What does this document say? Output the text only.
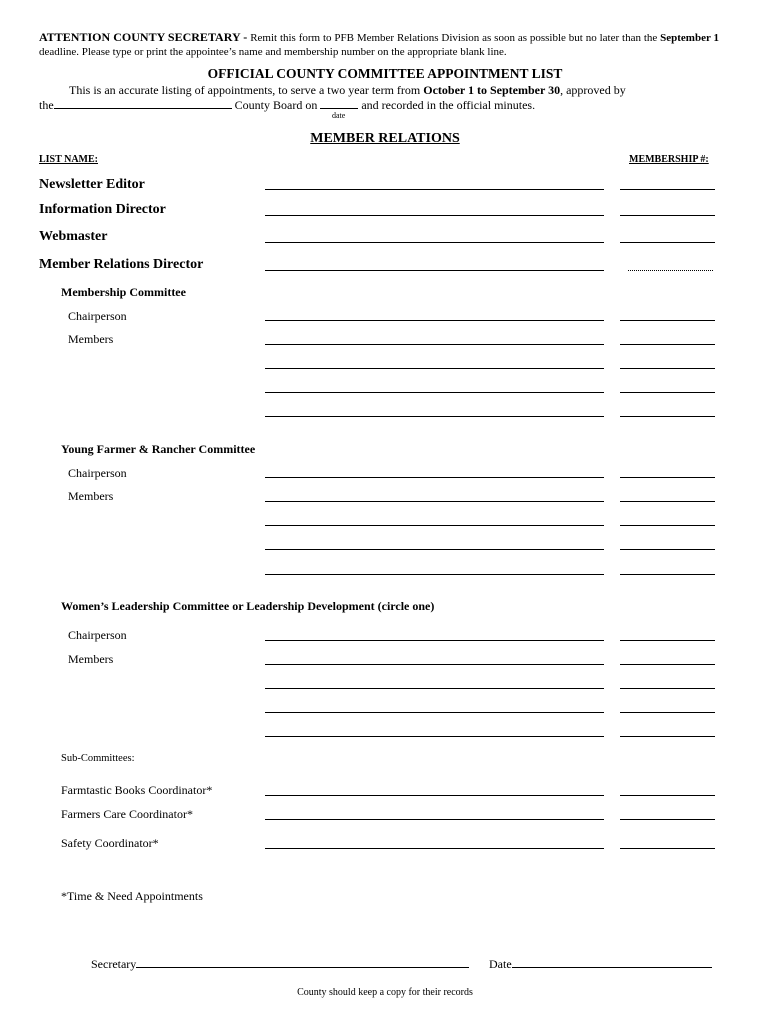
ATTENTION COUNTY SECRETARY - Remit this form to PFB Member Relations Division as soon as possible but no later than the September 1 deadline. Please type or print the appointee’s name and membership number on the appropriate blank line.
OFFICIAL COUNTY COMMITTEE APPOINTMENT LIST
This is an accurate listing of appointments, to serve a two year term from October 1 to September 30, approved by
the	County Board on	and recorded in the official minutes.
date
MEMBER RELATIONS
LIST NAME:	MEMBERSHIP #:
Newsletter Editor
Information Director
Webmaster
Member Relations Director
Membership Committee
Chairperson
Members
Young Farmer & Rancher Committee
Chairperson
Members
Women’s Leadership Committee or Leadership Development (circle one)
Chairperson
Members
Sub-Committees:
Farmtastic Books Coordinator*
Farmers Care Coordinator*
Safety Coordinator*
*Time & Need Appointments
Secretary	Date
County should keep a copy for their records
